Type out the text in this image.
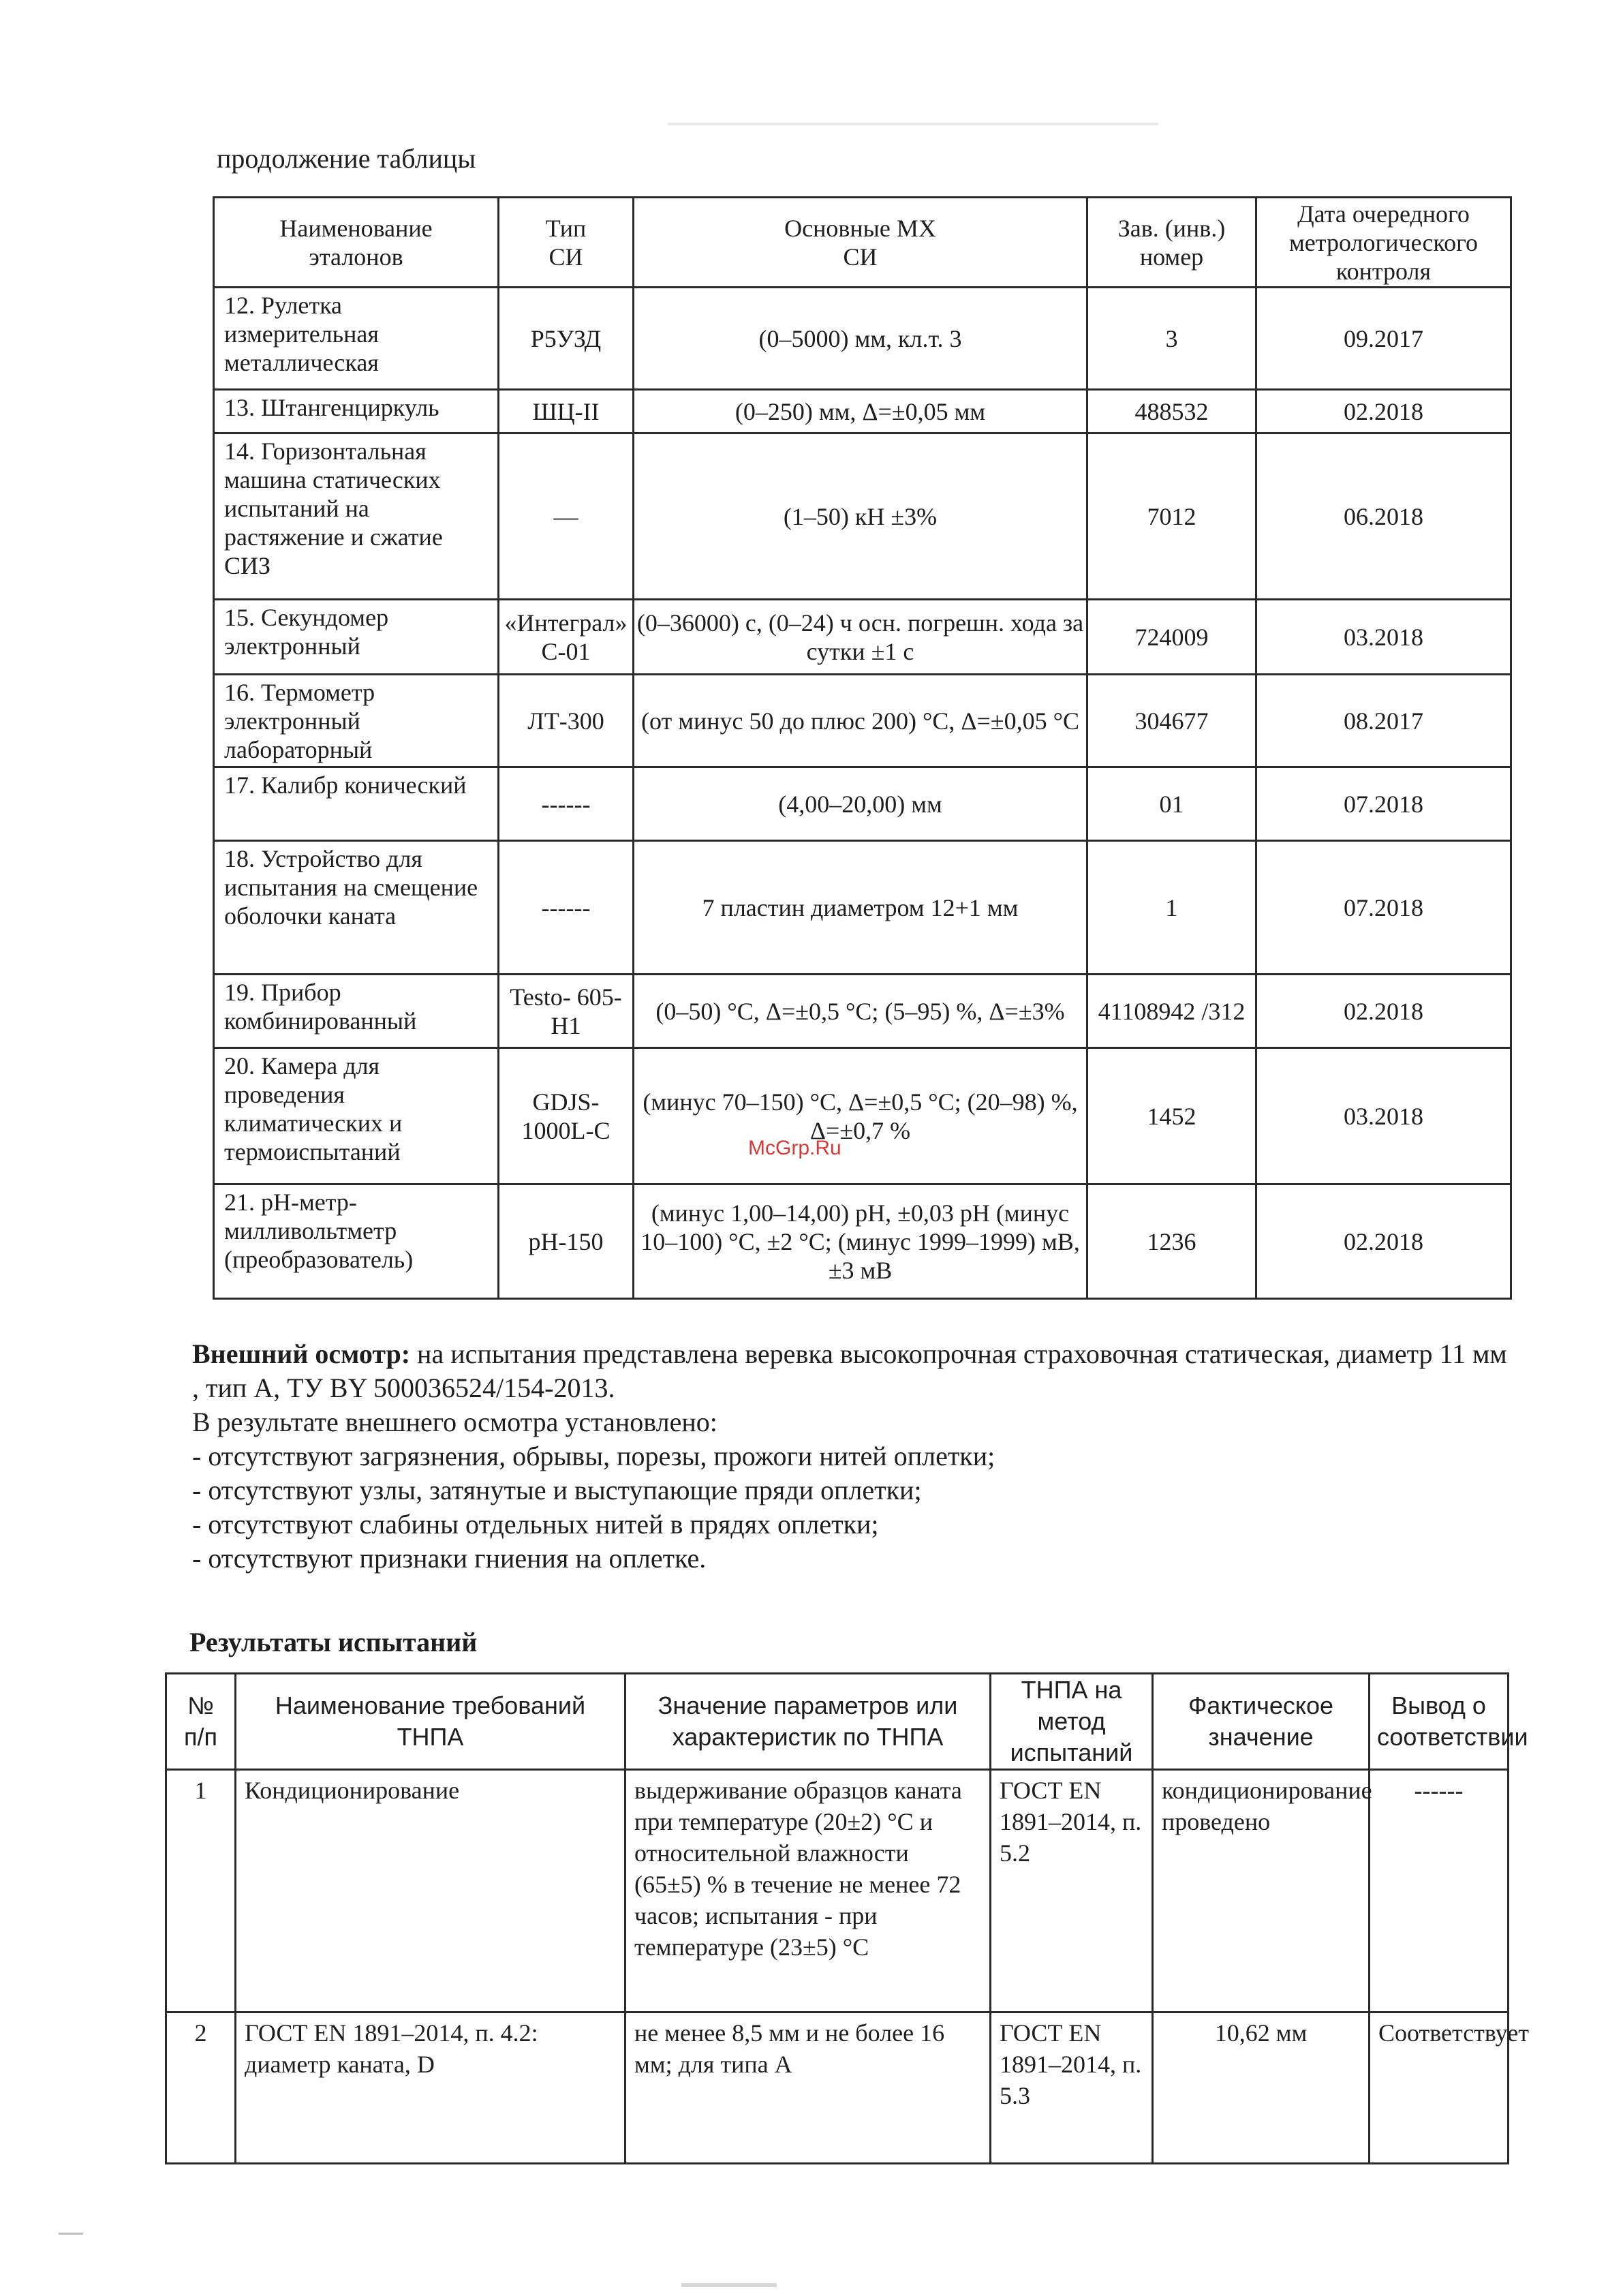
продолжение таблицы
Наименование эталонов	Тип СИ	Основные МХ СИ	Зав. (инв.) номер	Дата очередного метрологического контроля
12. Рулетка измерительная металлическая	Р5УЗД	(0–5000) мм, кл.т. 3	3	09.2017
13. Штангенциркуль	ШЦ-II	(0–250) мм, Δ=±0,05 мм	488532	02.2018
14. Горизонтальная машина статических испытаний на растяжение и сжатие СИЗ	—	(1–50) кН ±3%	7012	06.2018
15. Секундомер электронный	«Интеграл» С-01	(0–36000) с, (0–24) ч осн. погрешн. хода за сутки ±1 с	724009	03.2018
16. Термометр электронный лабораторный	ЛТ-300	(от минус 50 до плюс 200) °С, Δ=±0,05 °С	304677	08.2017
17. Калибр конический	------	(4,00–20,00) мм	01	07.2018
18. Устройство для испытания на смещение оболочки каната	------	7 пластин диаметром 12+1 мм	1	07.2018
19. Прибор комбинированный	Testo- 605-H1	(0–50) °С, Δ=±0,5 °С; (5–95) %, Δ=±3%	41108942 /312	02.2018
20. Камера для проведения климатических и термоиспытаний	GDJS-1000L-C	(минус 70–150) °С, Δ=±0,5 °С; (20–98) %, Δ=±0,7 %	1452	03.2018
21. pH-метр-милливольтметр (преобразователь)	pH-150	(минус 1,00–14,00) pH, ±0,03 pH (минус 10–100) °С, ±2 °С; (минус 1999–1999) мВ, ±3 мВ	1236	02.2018
MсGrp.Ru
Внешний осмотр: на испытания представлена веревка высокопрочная страховочная статическая, диаметр 11 мм , тип А, ТУ BY 500036524/154-2013.
В результате внешнего осмотра установлено:
- отсутствуют загрязнения, обрывы, порезы, прожоги нитей оплетки;
- отсутствуют узлы, затянутые и выступающие пряди оплетки;
- отсутствуют слабины отдельных нитей в прядях оплетки;
- отсутствуют признаки гниения на оплетке.
Результаты испытаний
№ п/п	Наименование требований ТНПА	Значение параметров или характеристик по ТНПА	ТНПА на метод испытаний	Фактическое значение	Вывод о соответствии
1	Кондиционирование	выдерживание образцов каната при температуре (20±2) °С и относительной влажности (65±5) % в течение не менее 72 часов; испытания - при температуре (23±5) °С	ГОСТ EN 1891–2014, п. 5.2	кондиционирование проведено	------
2	ГОСТ EN 1891–2014, п. 4.2: диаметр каната, D	не менее 8,5 мм и не более 16 мм; для типа А	ГОСТ EN 1891–2014, п. 5.3	10,62 мм	Соответствует
